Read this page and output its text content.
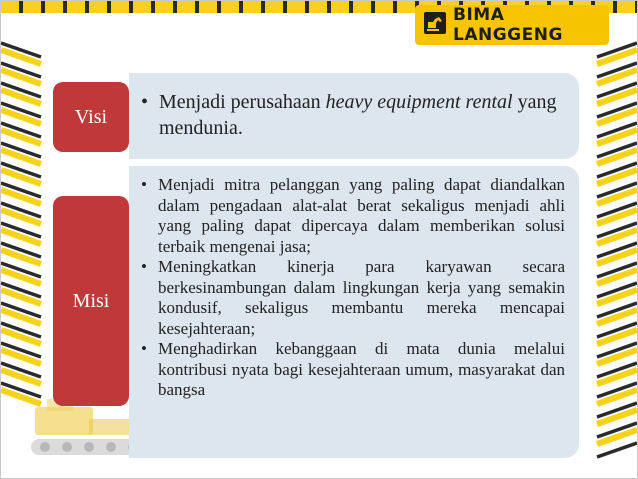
BIMA LANGGENG
• Menjadi perusahaan heavy equipment rental yang mendunia.
Visi
• Menjadi mitra pelanggan yang paling dapat diandalkan dalam pengadaan alat-alat berat sekaligus menjadi ahli yang paling dapat dipercaya dalam memberikan solusi terbaik mengenai jasa;
• Meningkatkan kinerja para karyawan secara berkesinambungan dalam lingkungan kerja yang semakin kondusif, sekaligus membantu mereka mencapai kesejahteraan;
• Menghadirkan kebanggaan di mata dunia melalui kontribusi nyata bagi kesejahteraan umum, masyarakat dan bangsa
Misi
